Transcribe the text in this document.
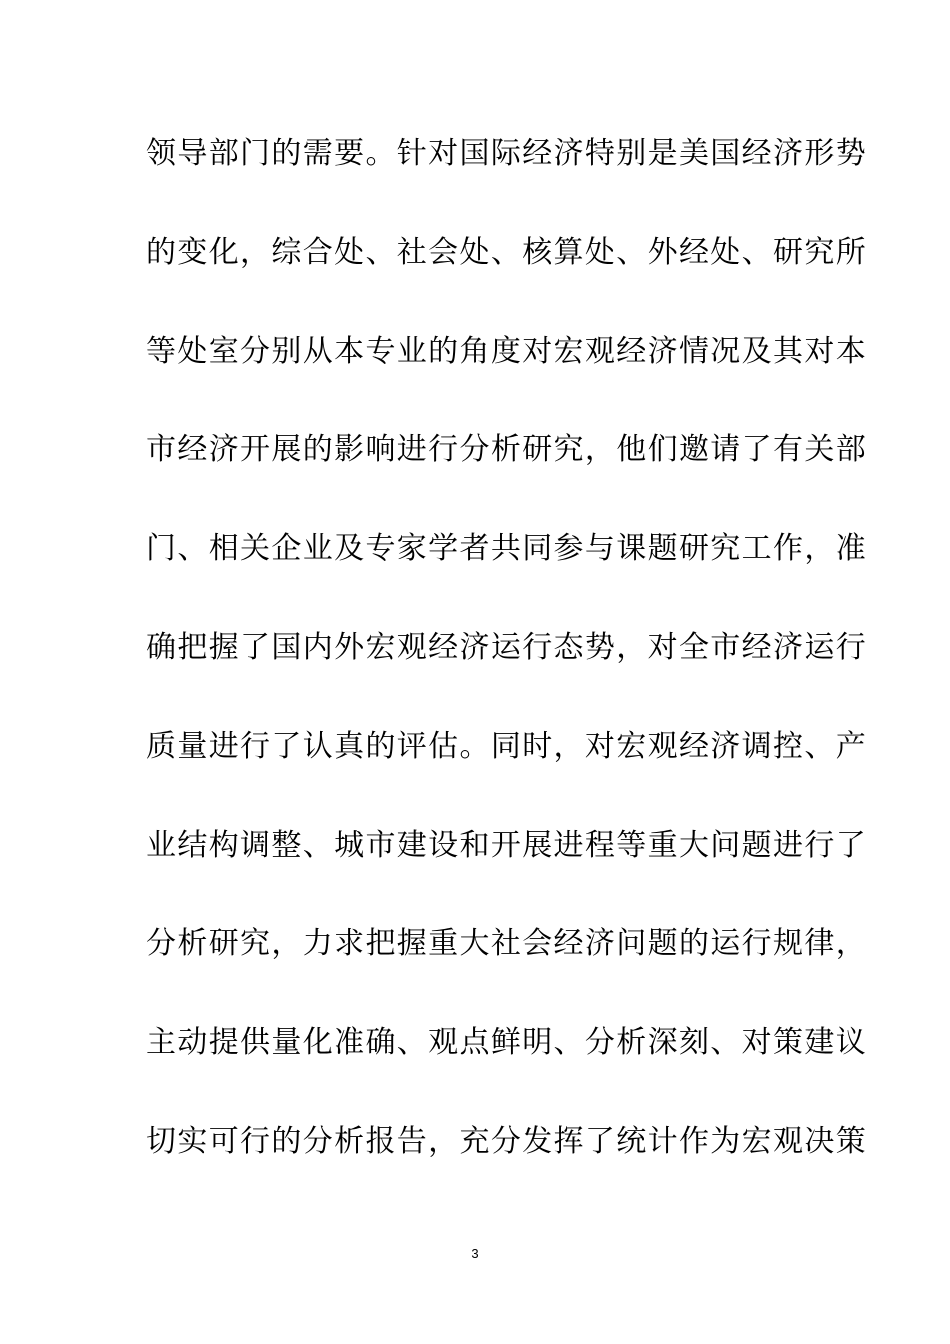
领导部门的需要。针对国际经济特别是美国经济形势
的变化，综合处、社会处、核算处、外经处、研究所
等处室分别从本专业的角度对宏观经济情况及其对本
市经济开展的影响进行分析研究，他们邀请了有关部
门、相关企业及专家学者共同参与课题研究工作，准
确把握了国内外宏观经济运行态势，对全市经济运行
质量进行了认真的评估。同时，对宏观经济调控、产
业结构调整、城市建设和开展进程等重大问题进行了
分析研究，力求把握重大社会经济问题的运行规律，
主动提供量化准确、观点鲜明、分析深刻、对策建议
切实可行的分析报告，充分发挥了统计作为宏观决策
3
